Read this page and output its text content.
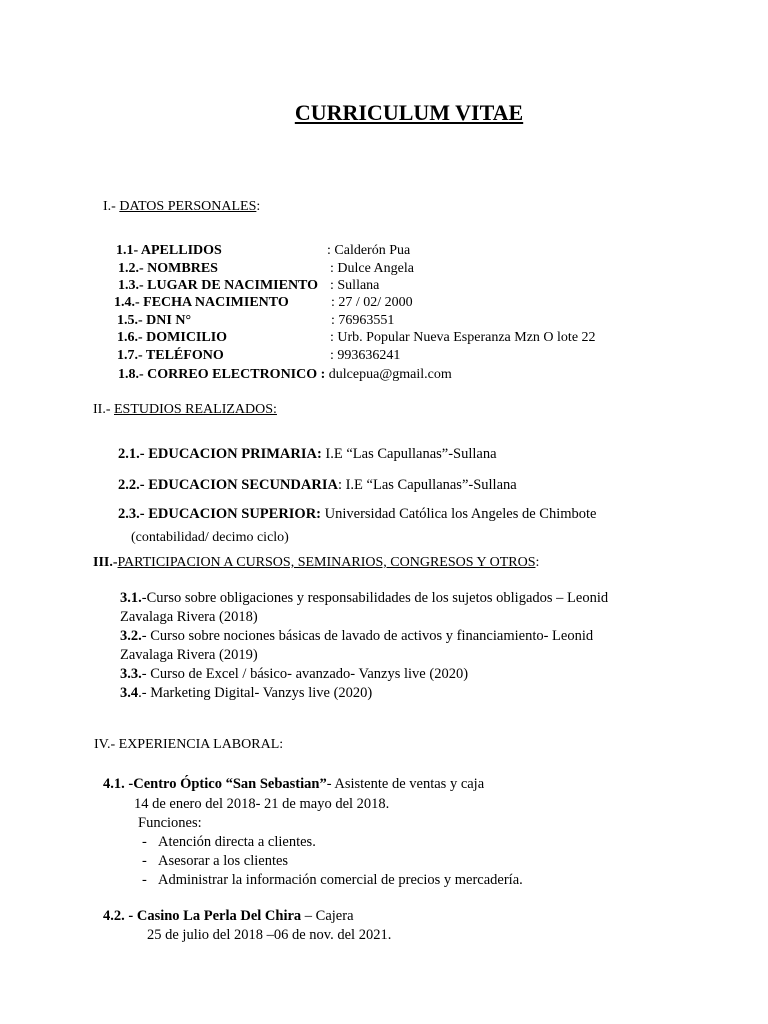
CURRICULUM VITAE
I.- DATOS PERSONALES:
1.1- APELLIDOS	: Calderón Pua
1.2.- NOMBRES	: Dulce Angela
1.3.- LUGAR DE NACIMIENTO : Sullana
1.4.- FECHA NACIMIENTO	: 27 / 02/ 2000
1.5.- DNI N°	: 76963551
1.6.- DOMICILIO	: Urb. Popular Nueva Esperanza Mzn O lote 22
1.7.- TELÉFONO	: 993636241
1.8.- CORREO ELECTRONICO : dulcepua@gmail.com
II.- ESTUDIOS REALIZADOS:
2.1.- EDUCACION PRIMARIA: I.E “Las Capullanas”-Sullana
2.2.- EDUCACION SECUNDARIA: I.E “Las Capullanas”-Sullana
2.3.- EDUCACION SUPERIOR: Universidad Católica los Angeles de Chimbote
(contabilidad/ decimo ciclo)
III.-PARTICIPACION A CURSOS, SEMINARIOS, CONGRESOS Y OTROS:
3.1.-Curso sobre obligaciones y responsabilidades de los sujetos obligados – Leonid
Zavalaga Rivera (2018)
3.2.- Curso sobre nociones básicas de lavado de activos y financiamiento- Leonid
Zavalaga Rivera (2019)
3.3.- Curso de Excel / básico- avanzado- Vanzys live (2020)
3.4.- Marketing Digital- Vanzys live (2020)
IV.- EXPERIENCIA LABORAL:
4.1. -Centro Óptico “San Sebastian”- Asistente de ventas y caja
14 de enero del 2018- 21 de mayo del 2018.
Funciones:
- Atención directa a clientes.
- Asesorar a los clientes
- Administrar la información comercial de precios y mercadería.
4.2. - Casino La Perla Del Chira – Cajera
25 de julio del 2018 –06 de nov. del 2021.
